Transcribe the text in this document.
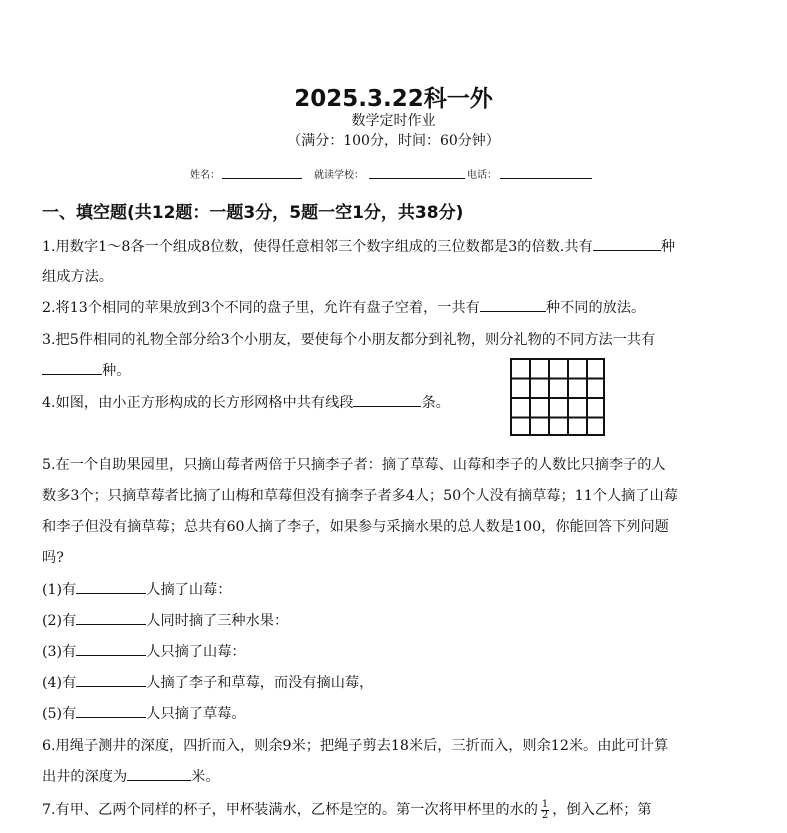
2025.3.22科一外
数学定时作业
（满分：100分，时间：60分钟）
姓名：	就读学校：	电话：
一、填空题(共12题：一题3分，5题一空1分，共38分)
1.用数字1～8各一个组成8位数，使得任意相邻三个数字组成的三位数都是3的倍数.共有	种
组成方法。
2.将13个相同的苹果放到3个不同的盘子里，允许有盘子空着，一共有	种不同的放法。
3.把5件相同的礼物全部分给3个小朋友，要使每个小朋友都分到礼物，则分礼物的不同方法一共有
种。
4.如图，由小正方形构成的长方形网格中共有线段	条。
5.在一个自助果园里，只摘山莓者两倍于只摘李子者：摘了草莓、山莓和李子的人数比只摘李子的人
数多3个；只摘草莓者比摘了山梅和草莓但没有摘李子者多4人；50个人没有摘草莓；11个人摘了山莓
和李子但没有摘草莓；总共有60人摘了李子，如果参与采摘水果的总人数是100，你能回答下列问题
吗?
(1)有	人摘了山莓：
(2)有	人同时摘了三种水果：
(3)有	人只摘了山莓：
(4)有	人摘了李子和草莓，而没有摘山莓，
(5)有	人只摘了草莓。
6.用绳子测井的深度，四折而入，则余9米；把绳子剪去18米后，三折而入，则余12米。由此可计算
出井的深度为	米。
7.有甲、乙两个同样的杯子，甲杯装满水，乙杯是空的。第一次将甲杯里的水的 $\frac{1}{2}$ ，倒入乙杯；第
